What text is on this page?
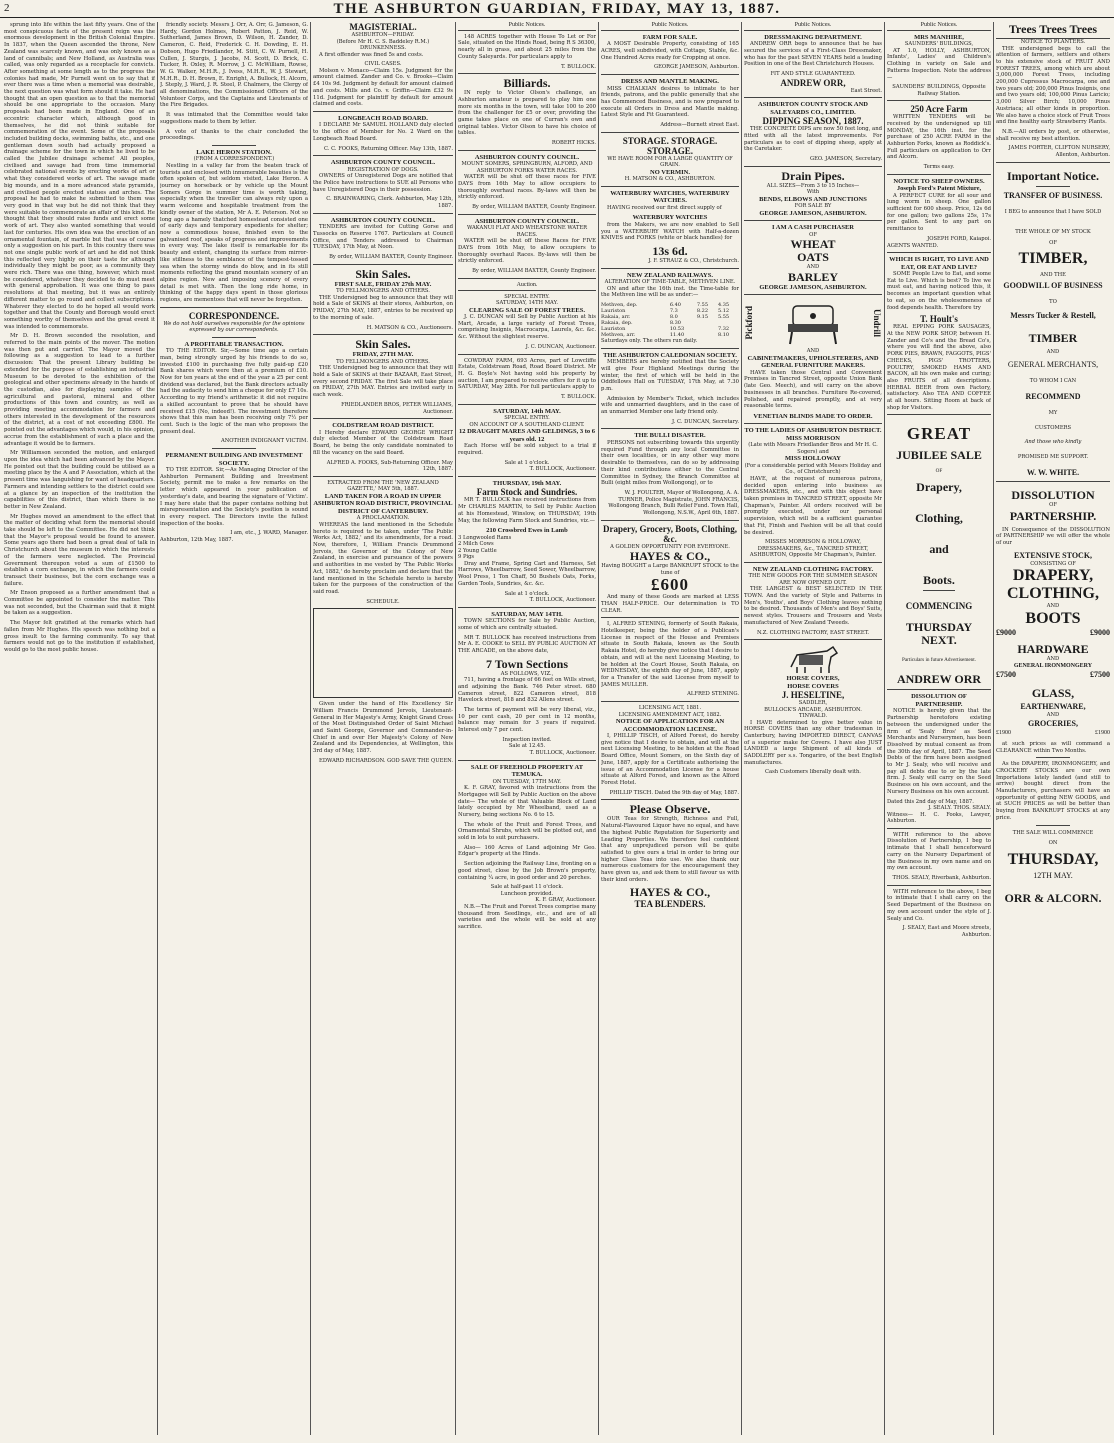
2	THE ASHBURTON GUARDIAN, FRIDAY, MAY 13, 1887.

sprung into life within the last fifty years. One of the most conspicuous facts of the present reign was the enormous development in the British Colonial Empire. In 1837, when the Queen ascended the throne, New Zealand was scarcely known, and was only known as a land of cannibals; and New Holland, as Australia was called, was only regarded as a receptacle for convicts. After something at some length as to the progress the colonies had made, Mr Purnell went on to say that if ever there was a time when a memorial was desirable, the next question was what form should it take. He had thought that an open question as to that the memorial should be one appropriate to the occasion. Many proposals had been made in England. One of an eccentric character which, although good in themselves, he did not think suitable for commemoration of the event. Some of the proposals included building docks, swimming baths, etc., and one gentleman down south had actually proposed a drainage scheme for the town in which he lived to be called the Jubilee drainage scheme! All peoples, civilised and savage had from time immemorial celebrated national events by erecting works of art or what they considered works of art. The savage made big mounds, and in a more advanced state pyramids, and civilised people erected statues and arches. The proposal he had to make he submitted to them was very good in that way but he did not think that they were suitable to commemorate an affair of this kind. He thought that they should raise funds and erect some work of art. They also wanted something that would last for centuries. His own idea was the erection of an ornamental fountain, of marble but that was of course only a suggestion on his part. In this country there was not one single public work of art and he did not think this reflected very highly on their taste for although individually they might be poor, as a community they were rich. There was one thing, however, which must be considered, whatever they decided to do must meet with general approbation. It was one thing to pass resolutions at that meeting, but it was an entirely different matter to go round and collect subscriptions. Whatever they elected to do he hoped all would work together and that the County and Borough would erect something worthy of themselves and the great event it was intended to commemorate.

Mr D. H. Brown seconded the resolution, and referred to the main points of the mover. The motion was then put and carried. The Mayor moved the following as a suggestion to lead to a further discussion: That the present Library building be extended for the purpose of establishing an industrial Museum to be devoted to the exhibition of the geological and other specimens already in the hands of the custodian, also for displaying samples of the agricultural and pastoral, mineral and other productions of this town and country, as well as providing meeting accommodation for farmers and others interested in the development of the resources of the district, at a cost of not exceeding £800. He pointed out the advantages which would, in his opinion, accrue from the establishment of such a place and the advantage it would be to farmers.

Mr Williamson seconded the motion, and enlarged upon the idea which had been advanced by the Mayor. He pointed out that the building could be utilised as a meeting place by the A and P Association, which at the present time was languishing for want of headquarters. Farmers and intending settlers to the district could see at a glance by an inspection of the institution the capabilities of this district, than which there is no better in New Zealand.

Mr Hughes moved an amendment to the effect that the matter of deciding what form the memorial should take should be left to the Committee. He did not think that the Mayor's proposal would be found to answer. Some years ago there had been a great deal of talk in Christchurch about the museum in which the interests of the farmers were neglected. The Provincial Government thereupon voted a sum of £1500 to establish a corn exchange, in which the farmers could transact their business, but the corn exchange was a failure.

Mr Enson proposed as a further amendment that a Committee be appointed to consider the matter. This was not seconded, but the Chairman said that it might be taken as a suggestion.

The Mayor felt gratified at the remarks which had fallen from Mr Hughes. His speech was nothing but a gross insult to the farming community. To say that farmers would not go to the institution if established, would go to the most public house.

friendly society. Messrs J. Orr, A. Orr, G. Jameson, G. Hardy, Gordon Holmes, Robert Patton, J. Reid, W. Sutherland, James Brown, D. Wilson, H. Zander, D. Cameron, C. Reid, Frederick C. H. Dowding, E. H. Dobson, Hugo Friedlander, M. Stitt, C. W. Purnell, H. Cullen, J. Sturgis, J. Jacobs, M. Scott, D. Brick, C. Tucker, R. Oxley, R. Morrow, J. C. McWilliam, Rowse, W. G. Walker, M.H.R., J. Ivess, M.H.R., W. J. Stewart, M.H.R., D. H. Brown, E. Enright, A. Bullock, H. Alcorn, J. Steply, J. Ward, J. R. Steel, P. Chalmers, the Clergy of all denominations, the Commissioned Officers of the Volunteer Corps, and the Captains and Lieutenants of the Fire Brigades.

It was intimated that the Committee would take suggestions made to them by letter.

A vote of thanks to the chair concluded the proceedings.

LAKE HERON STATION.
(FROM A CORRESPONDENT.)

Nestling in a valley far from the beaten track of tourists and enclosed with innumerable beauties is the often spoken of, but seldom visited, Lake Heron. A journey on horseback or by vehicle up the Mount Somers Gorge in summer time is worth taking, especially when the traveller can always rely upon a warm welcome and hospitable treatment from the kindly owner of the station, Mr A. E. Peterson. Not so long ago a hamely thatched homestead consisted one of early days and temporary expedients for shelter; now a commodious house, finished even to the galvanised roof, speaks of progress and improvements in every way. The lake itself is remarkable for its beauty and extent, changing its surface from mirror-like stillness to the semblance of the tempest-tossed sea when the stormy winds do blow, and in its still moments reflecting the grand mountain scenery of an alpine region. New and imposing scenery of every detail is met with. Then the long ride home, in thinking of the happy days spent in those glorious regions, are mementoes that will never be forgotten.

CORRESPONDENCE.
We do not hold ourselves responsible for the opinions expressed by our correspondents.
A PROFITABLE TRANSACTION.

TO THE EDITOR. Sir,—Some time ago a certain man, being strongly urged by his friends to do so, invested £100 in purchasing five fully paid-up £20 Bank shares which were then at a premium of £10. Now for ten years at the end of the year a 25 per cent dividend was declared, but the Bank directors actually had the audacity to send him a cheque for only £7 10s. According to my friend's arithmetic it did not require a skilled accountant to prove that he should have received £15 (No, indeed!). The investment therefore shows that this man has been receiving only 7½ per cent. Such is the logic of the man who proposes the present deal.

ANOTHER INDIGNANT VICTIM.
PERMANENT BUILDING AND INVESTMENT SOCIETY.

TO THE EDITOR. Sir,—As Managing Director of the Ashburton Permanent Building and Investment Society, permit me to make a few remarks on the letter which appeared in your publication of yesterday's date, and bearing the signature of 'Victim'. I may here state that the paper contains nothing but misrepresentation and the Society's position is sound in every respect. The Directors invite the fullest inspection of the books.

I am, etc., J. WARD, Manager.
Ashburton, 12th May, 1887.
MAGISTERIAL.
ASHBURTON—FRIDAY.
(Before Mr H. C. S. Baddeley R.M.)
DRUNKENNESS.

A first offender was fined 5s and costs.

CIVIL CASES.

Molson v. Monaco—Claim 15s. Judgment for the amount claimed. Zander and Co. v. Brooks—Claim £4 10s 9d. Judgment by default for amount claimed and costs. Mills and Co. v. Griffin—Claim £32 9s 11d. Judgment for plaintiff by default for amount claimed and costs.

LONGBEACH ROAD BOARD.

I DECLARE Mr SAMUEL HOLLAND duly elected to the office of Member for No. 2 Ward on the Longbeach Road Board.

C. C. FOOKS, Returning Officer. May 13th, 1887.
ASHBURTON COUNTY COUNCIL.
REGISTRATION OF DOGS.

OWNERS of Unregistered Dogs are notified that the Police have instructions to SUE all Persons who have Unregistered Dogs in their possession.

C. BRAINWARING, Clerk. Ashburton, May 12th, 1887.
ASHBURTON COUNTY COUNCIL.

TENDERS are invited for Cutting Gorse and Tussocks on Reserve 1767. Particulars at Council Office, and Tenders addressed to Chairman TUESDAY, 17th May, at Noon.

By order, WILLIAM BAXTER, County Engineer.
Skin Sales.
FIRST SALE, FRIDAY 27th MAY.
TO FELLMONGERS AND OTHERS.

THE Undersigned beg to announce that they will hold a Sale of SKINS at their stores, Ashburton, on FRIDAY, 27th MAY, 1887, entries to be received up to the morning of sale.

H. MATSON & CO., Auctioneers.
Skin Sales.
FRIDAY, 27TH MAY.
TO FELLMONGERS AND OTHERS.

THE Undersigned beg to announce that they will hold a Sale of SKINS at their BAZAAR, East Street, every second FRIDAY. The first Sale will take place on FRIDAY, 27th MAY. Entries are invited early in each week.

FRIEDLANDER BROS, PETER WILLIAMS, Auctioneer.
COLDSTREAM ROAD DISTRICT.

I Hereby declare EDWARD GEORGE WRIGHT duly elected Member of the Coldstream Road Board, he being the only candidate nominated to fill the vacancy on the said Board.

ALFRED A. FOOKS, Sub-Returning Officer. May 12th, 1887.
EXTRACTED FROM THE 'NEW ZEALAND GAZETTE,' MAY 5th, 1887.
LAND TAKEN FOR A ROAD IN UPPER ASHBURTON ROAD DISTRICT, PROVINCIAL DISTRICT OF CANTERBURY.
A PROCLAMATION.

WHEREAS the land mentioned in the Schedule hereto is required to be taken, under 'The Public Works Act, 1882,' and its amendments, for a road. Now, therefore, I, William Francis Drummond Jervois, the Governor of the Colony of New Zealand, in exercise and pursuance of the powers and authorities in me vested by 'The Public Works Act, 1882,' do hereby proclaim and declare that the land mentioned in the Schedule hereto is hereby taken for the purposes of the construction of the said road.

SCHEDULE.

Given under the hand of His Excellency Sir William Francis Drummond Jervois, Lieutenant-General in Her Majesty's Army, Knight Grand Cross of the Most Distinguished Order of Saint Michael and Saint George, Governor and Commander-in-Chief in and over Her Majesty's Colony of New Zealand and its Dependencies, at Wellington, this 3rd day of May, 1887.

EDWARD RICHARDSON. GOD SAVE THE QUEEN.
Public Notices.

148 ACRES together with House To Let or For Sale, situated on the Hinds Road, being R S 36300, nearly all in grass, and about 25 miles from the County Saleyards. For particulars apply to

T. BULLOCK.
Billiards.

IN reply to Victor Olson's challenge, an Ashburton amateur is prepared to play him one more six months in the town, will take 100 to 200 from the challenger for £5 or over, providing the game takes place on one of Curran's own and original tables. Victor Olson to have his choice of tables.

ROBERT HICKS.
ASHBURTON COUNTY COUNCIL.
MOUNT SOMERS, SPRINGBURN, ALFORD, AND ASHBURTON FORKS WATER RACES.

WATER will be shut off these races for FIVE DAYS from 16th May to allow occupiers to thoroughly overhaul races. By-laws will then be strictly enforced.

By order, WILLIAM BAXTER, County Engineer.
ASHBURTON COUNTY COUNCIL.
WAKANUI FLAT AND WHEATSTONE WATER RACES.

WATER will be shut off these Races for FIVE DAYS from 16th May, to allow occupiers to thoroughly overhaul Races. By-laws will then be strictly enforced.

By order, WILLIAM BAXTER, County Engineer.
Auction.
SPECIAL ENTRY.
SATURDAY, 14TH MAY.
CLEARING SALE OF FOREST TREES.

J. C. DUNCAN will Sell by Public Auction at his Mart, Arcade, a large variety of Forest Trees, comprising Insignis, Macrocarpa, Laurels, &c. &c. &c. Without the slightest reserve.

J. C. DUNCAN, Auctioneer.

COWDRAY FARM, 693 Acres, part of Lowcliffe Estate, Coldstream Road, Road Board District. Mr H. G. Boyle's Not having sold his property by auction, I am prepared to receive offers for it up to SATURDAY, May 28th. For full particulars apply to

T. BULLOCK.
SATURDAY, 14th MAY.
SPECIAL ENTRY.
ON ACCOUNT OF A SOUTHLAND CLIENT.
12 DRAUGHT MARES AND GELDINGS, 3 to 6 years old. 12

Each Horse will be sold subject to a trial if required.

Sale at 1 o'clock.
T. BULLOCK, Auctioneer.
THURSDAY, 19th MAY.
Farm Stock and Sundries.

MR T. BULLOCK has received instructions from Mr CHARLES MARTIN, to Sell by Public Auction at his Homestead, Winslow, on THURSDAY, 19th May, the following Farm Stock and Sundries, viz.—

210 Crossbred Ewes in Lamb
3 Longwooled Rams
2 Milch Cows
2 Young Cattle
9 Pigs

Dray and Frame, Spring Cart and Harness, Set Harrows, Wheelbarrow, Seed Sower, Wheelbarrow, Wool Press, 1 Ton Chaff, 50 Bushels Oats, Forks, Garden Tools, Sundries, &c. &c.

Sale at 1 o'clock.
T. BULLOCK, Auctioneer.
SATURDAY, MAY 14TH.

TOWN SECTIONS for Sale by Public Auction, some of which are centrally situated.

MR T. BULLOCK has received instructions from Mr A. E. COOKE to SELL BY PUBLIC AUCTION AT THE ARCADE, on the above date,

7 Town Sections
AS FOLLOWS, VIZ.,

711, having a frontage of 66 feet on Wills street, and adjoining the Bank. 746 Peter street. 680 Cameron street, 822 Cameron street, 818 Havelock street, 818 and 832 Allens street.

The terms of payment will be very liberal, viz., 10 per cent cash, 20 per cent in 12 months, balance may remain for 3 years if required. Interest only 7 per cent.

Inspection invited.
Sale at 12.45.
T. BULLOCK, Auctioneer.
SALE OF FREEHOLD PROPERTY AT TEMUKA.
ON TUESDAY, 17TH MAY.

K. F. GRAY, favored with instructions from the Mortgagee will Sell by Public Auction on the above date— The whole of that Valuable Block of Land lately occupied by Mr Wheelband, used as a Nursery, being sections No. 6 to 15.

The whole of the Fruit and Forest Trees, and Ornamental Shrubs, which will be plotted out, and sold in lots to suit purchasers.

Also— 160 Acres of Land adjoining Mr Geo. Edgar's property at the Hinds.

Section adjoining the Railway Line, fronting on a good street, close by the Job Brown's property, containing ¼ acre, in good order and 20 perches.

Sale at half-past 11 o'clock.
Luncheon provided.
K. F. GRAY, Auctioneer.

N.B.—The Fruit and Forest Trees comprise many thousand from Seedlings, etc., and are of all varieties and the whole will be sold at any sacrifice.

Public Notices.
FARM FOR SALE.

A MOST Desirable Property, consisting of 165 ACRES, well subdivided, with Cottage, Stable, &c. One Hundred Acres ready for Cropping at once.

GEORGE JAMESON, Ashburton.
DRESS AND MANTLE MAKING.

MISS CHALKIAN desires to intimate to her friends, patrons, and the public generally that she has Commenced Business, and is now prepared to execute all Orders in Dress and Mantle making. Latest Style and Fit Guaranteed.

Address—Burnett street East.
STORAGE. STORAGE. STORAGE.
WE HAVE ROOM FOR A LARGE QUANTITY OF GRAIN.
NO VERMIN.
H. MATSON & CO., ASHBURTON.
WATERBURY WATCHES, WATERBURY WATCHES.

HAVING received our first direct supply of

WATERBURY WATCHES

from the Makers, we are now enabled to Sell you a WATERBURY WATCH with Half-a-dozen KNIVES and FORKS (white or black handles) for

13s 6d.
J. F. STRAUZ & CO., Christchurch.
NEW ZEALAND RAILWAYS.
ALTERATION OF TIME-TABLE, METHVEN LINE.

ON and after the 16th inst. the Time-table for the Methven line will be as under:—

Methven, dep.	6.40	7.55	4.35
Lauriston	7.3	8.22	5.12
Rakaia, arr.	8.0	9.15	5.55
Rakaia, dep.	8.30		
Lauriston	10.53		7.32
Methven, arr.	11.40		8.10
Saturdays only. The others run daily.
THE ASHBURTON CALEDONIAN SOCIETY.

MEMBERS are hereby notified that the Society will give Four Highland Meetings during the winter, the first of which will be held in the Oddfellows Hall on TUESDAY, 17th May, at 7.30 p.m.

Admission by Member's Ticket, which includes wife and unmarried daughters, and in the case of an unmarried Member one lady friend only.

J. C. DUNCAN, Secretary.
THE BULLI DISASTER.

PERSONS not subscribing towards this urgently required Fund through any local Committee in their own localities, or in any other way more desirable to themselves, can do so by addressing their kind contributions either to the Central Committee in Sydney, the Branch Committee at Bulli (eight miles from Wollongong), or to

W. J. FOULTER, Mayor of Wollongong, A. A. TURNER, Police Magistrate, JOHN FRANCIS, Wollongong Branch, Bulli Relief Fund. Town Hall, Wollongong, N.S.W., April 6th, 1887.
Drapery, Grocery, Boots, Clothing, &c.
A GOLDEN OPPORTUNITY FOR EVERYONE.
HAYES & CO.,
Having BOUGHT a Large BANKRUPT STOCK to the tune of
£600

And many of these Goods are marked at LESS THAN HALF-PRICE. Our determination is TO CLEAR.

I, ALFRED STENING, formerly of South Rakaia, Hotelkeeper, being the holder of a Publican's License in respect of the House and Premises situate in South Rakaia, known as the South Rakaia Hotel, do hereby give notice that I desire to obtain, and will at the next Licensing Meeting, to be holden at the Court House, South Rakaia, on WEDNESDAY, the eighth day of June, 1887, apply for a Transfer of the said License from myself to JAMES MULLER.

ALFRED STENING.
LICENSING ACT, 1881.
LICENSING AMENDMENT ACT, 1882.
NOTICE OF APPLICATION FOR AN ACCOMMODATION LICENSE.

I, PHILLIP TISCH, of Alford Forest, do hereby give notice that I desire to obtain, and will at the next Licensing Meeting, to be holden at the Road Board Office, Mount Somers, on the Sixth day of June, 1887, apply for a Certificate authorising the issue of an Accommodation License for a house situate at Alford Forest, and known as the Alford Forest Hotel.

PHILLIP TISCH. Dated the 9th day of May, 1887.
Please Observe.

OUR Teas for Strength, Richness and Full, Natural-Flavoured Liquor have no equal, and have the highest Public Reputation for Superiority and Leading Properties. We therefore feel confident that any unprejudiced person will be quite satisfied to give ours a trial in order to bring our higher Class Teas into use. We also thank our numerous customers for the encouragement they have given us, and ask them to still favour us with their kind orders.

HAYES & CO.,
TEA BLENDERS.
Public Notices.
DRESSMAKING DEPARTMENT.

ANDREW ORR begs to announce that he has secured the services of a First-Class Dressmaker, who has for the past SEVEN YEARS held a leading Position in one of the Best Christchurch Houses.

FIT AND STYLE GUARANTEED.
ANDREW ORR,
East Street.
ASHBURTON COUNTY STOCK AND SALEYARDS CO., LIMITED.
DIPPING SEASON, 1887.

THE CONCRETE DIPS are now 50 feet long, and fitted with all the latest improvements. For particulars as to cost of dipping sheep, apply at the Caretaker.

GEO. JAMESON, Secretary.
Drain Pipes.
ALL SIZES—From 3 to 15 Inches—
With
BENDS, ELBOWS AND JUNCTIONS
FOR SALE BY
GEORGE JAMESON, ASHBURTON.
I AM A CASH PURCHASER
OF
WHEAT
OATS
AND
BARLEY
GEORGE JAMESON, ASHBURTON.
Pickford	Undrill
AND
CABINETMAKERS, UPHOLSTERERS, AND GENERAL FURNITURE MAKERS.

HAVE taken those Central and Convenient Premises in Tancred Street, opposite Union Bank (late Geo. Meech), and will carry on the above businesses in all branches. Furniture Re-covered, Polished, and repaired promptly, and at very reasonable terms.

VENETIAN BLINDS MADE TO ORDER.
TO THE LADIES OF ASHBURTON DISTRICT.
MISS MORRISON
(Late with Messrs Friedlander Bros and Mr H. C. Sogers) and
MISS HOLLOWAY
(For a considerable period with Messrs Holiday and Co., of Christchurch)

HAVE, at the request of numerous patrons, decided upon entering into business as DRESSMAKERS, etc., and with this object have taken premises in TANCRED STREET, opposite Mr Chapman's, Painter. All orders received will be promptly executed, under our personal supervision, which will be a sufficient guarantee that Fit, Finish and Fashion will be all that could be desired.

MISSES MORRISON & HOLLOWAY, DRESSMAKERS, &c., TANCRED STREET, ASHBURTON, Opposite Mr Chapman's, Painter.
NEW ZEALAND CLOTHING FACTORY.
THE NEW GOODS FOR THE SUMMER SEASON ARE NOW OPENED OUT.

THE LARGEST & BEST SELECTED IN THE TOWN. And the variety of Style and Patterns in Men's, Youths', and Boys' Clothing leaves nothing to be desired. Thousands of Men's and Boys' Suits, newest styles. Trousers and Trousers and Vests manufactured of New Zealand Tweeds.

N.Z. CLOTHING FACTORY, EAST STREET.
HORSE COVERS,
HORSE COVERS
J. HESELTINE,
SADDLER,
BULLOCK'S ARCADE, ASHBURTON.
TINWALD.

I HAVE determined to give better value in HORSE COVERS than any other tradesman in Canterbury, having IMPORTED DIRECT, CANVAS of a superior make for Covers. I have also JUST LANDED a large Shipment of all kinds of SADDLERY per s.s. Tongariro, of the best English manufactures.

Cash Customers liberally dealt with.
Public Notices.
MRS MANHIRE,
SAUNDERS' BUILDINGS,

AT 1.0, HOLLY, ASHBURTON, Infants', Ladies' and Children's Clothing in variety on Sale and Patterns Inspection. Note the address—

SAUNDERS' BUILDINGS, Opposite Railway Station.
250 Acre Farm

WRITTEN TENDERS will be received by the undersigned up till MONDAY, the 16th inst. for the purchase of 250 ACRE FARM in the Ashburton Forks, known as Roddick's. Full particulars on application to Orr and Alcorn.

Terms easy.
NOTICE TO SHEEP OWNERS.
Joseph Ford's Patent Mixture,

A PERFECT CURE for all sour and lung worm in sheep. One gallon sufficient for 600 sheep. Price, 12s 6d for one gallon; two gallons 25s, 17s per gallon. Sent to any part on remittance to

JOSEPH FORD, Kaiapoi.
AGENTS WANTED.
WHICH IS RIGHT, TO LIVE AND EAT, OR EAT AND LIVE?

SOME People Live to Eat, and some Eat to Live. Which is best? To live we must eat, and having noticed this, it becomes an important question what to eat, so on the wholesomeness of food depends health. Therefore try

T. Hoult's

REAL EPPING PORK SAUSAGES, At the NEW PORK SHOP, between H. Zander and Co's and the Bread Co's, where you will find the above, also PORK PIES, BRAWN, FAGGOTS, PIGS' CHEEKS, PIGS' TROTTERS, POULTRY, SMOKED HAMS AND BACON, all his own make and curing; also FRUITS of all descriptions. HERBAL BEER from own Factory, satisfactory. Also TEA AND COFFEE at all hours. Sitting Room at back of shop for Visitors.

GREAT
JUBILEE SALE
OF
Drapery,
Clothing,
and
Boots.
COMMENCING
THURSDAY NEXT.
Particulars in future Advertisement.
ANDREW ORR
DISSOLUTION OF PARTNERSHIP.

NOTICE is hereby given that the Partnership heretofore existing between the undersigned under the firm of 'Sealy Bros' as Seed Merchants and Nurserymen, has been Dissolved by mutual consent as from the 30th day of April, 1887. The Seed Debts of the firm have been assigned to Mr J. Sealy, who will receive and pay all debts due to or by the late firm. J. Sealy will carry on the Seed Business on his own account, and the Nursery Business on his own account.

Dated this 2nd day of May, 1887.
J. SEALY. THOS. SEALY.
Witness— H. C. Fooks, Lawyer, Ashburton.

WITH reference to the above Dissolution of Partnership, I beg to intimate that I shall henceforward carry on the Nursery Department of the Business in my own name and on my own account.

THOS. SEALY, Riverbank, Ashburton.

WITH reference to the above, I beg to intimate that I shall carry on the Seed Department of the Business on my own account under the style of J. Sealy and Co.

J. SEALY, East and Moore streets, Ashburton.
Trees Trees Trees
NOTICE TO PLANTERS.

THE undersigned begs to call the attention of farmers, settlers and others to his extensive stock of FRUIT AND FOREST TREES, among which are about 3,000,000 Forest Trees, including 200,000 Cupressus Macrocarpa, one and two years old; 200,000 Pinus Insignis, one and two years old; 100,000 Pinus Laricio; 3,000 Silver Birch; 10,000 Pinus Austriaca; all other kinds in proportion. We also have a choice stock of Fruit Trees and fine healthy early Strawberry Plants.

N.B.—All orders by post, or otherwise, shall receive my best attention.

JAMES FORTER, CLIFTON NURSERY, Allenton, Ashburton.
Important Notice.
TRANSFER OF BUSINESS.
I BEG to announce that I have SOLD
THE WHOLE OF MY STOCK
OF
TIMBER,
AND THE
GOODWILL OF BUSINESS
TO
Messrs Tucker & Restell,
TIMBER
AND
GENERAL MERCHANTS,
TO WHOM I CAN
RECOMMEND
MY
CUSTOMERS
And those who kindly
PROMISED ME SUPPORT.
W. W. WHITE.
DISSOLUTION
OF
PARTNERSHIP.

IN Consequence of the DISSOLUTION of PARTNERSHIP we will offer the whole of our

EXTENSIVE STOCK,
CONSISTING OF
DRAPERY,
CLOTHING,
AND
BOOTS
£9000	£9000
HARDWARE
AND
GENERAL IRONMONGERY
£7500	£7500
GLASS,
EARTHENWARE,
AND
GROCERIES,
£1900	£1900

at such prices as will command a CLEARANCE within Two Months.

As the DRAPERY, IRONMONGERY, and CROCKERY STOCKS are our own Importations lately landed (and still to arrive) bought direct from the Manufacturers, purchasers will have an opportunity of getting NEW GOODS, and at SUCH PRICES as will be better than buying from BANKRUPT STOCKS at any price.

THE SALE WILL COMMENCE
ON
THURSDAY,
12TH MAY.
ORR & ALCORN.
